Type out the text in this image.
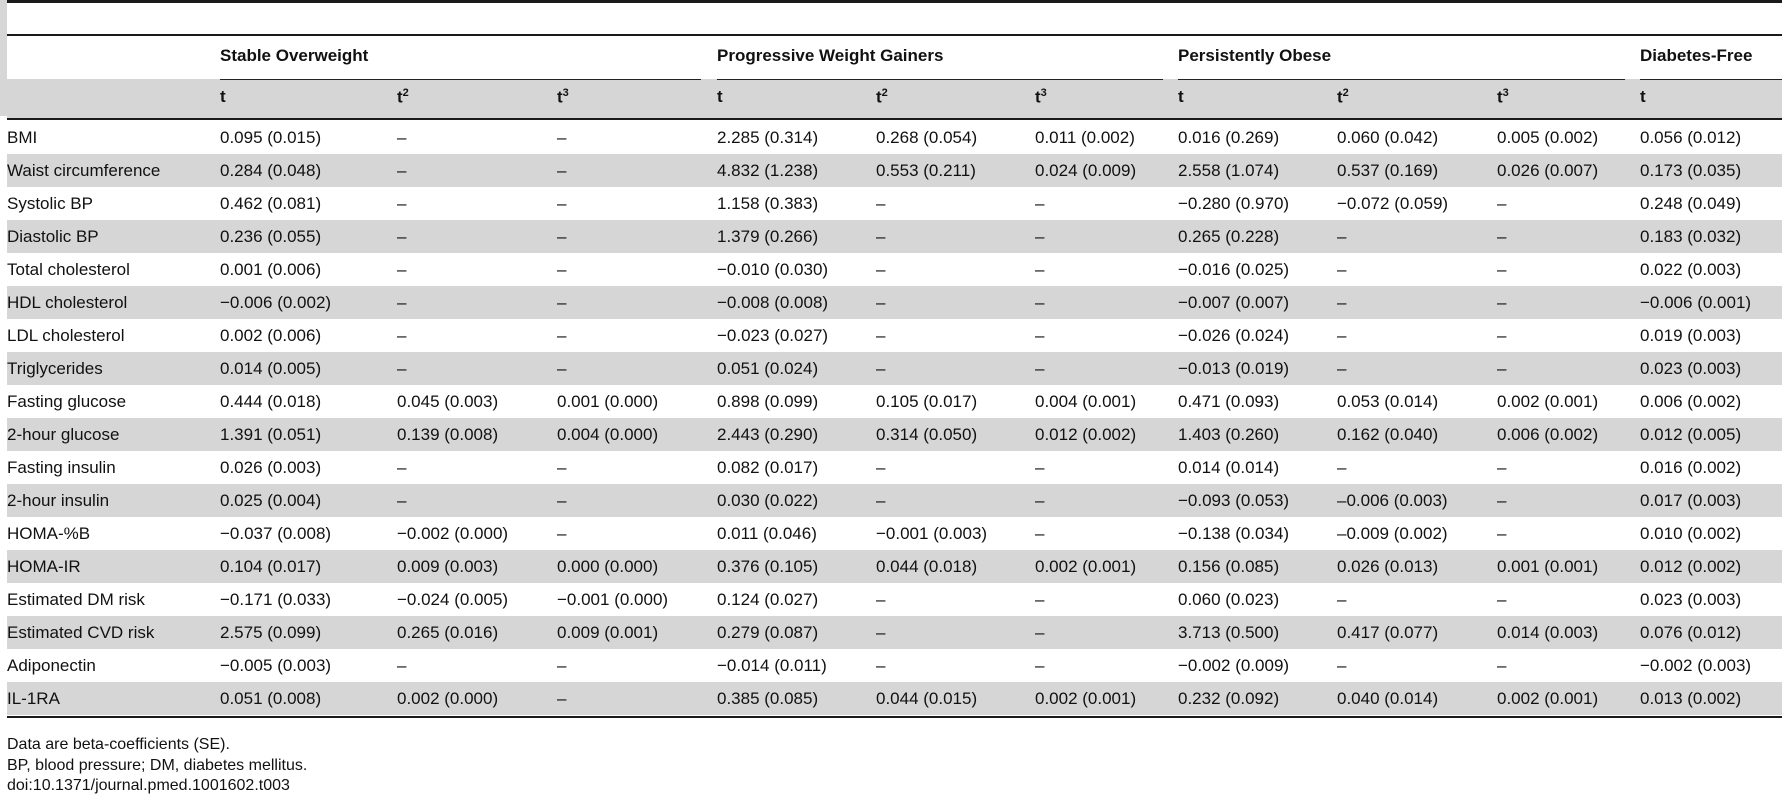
Stable Overweight	Progressive Weight Gainers	Persistently Obese	Diabetes-Free
t	$t^2$	$t^3$	t	$t^2$	$t^3$	t	$t^2$	$t^3$	t
BMI	0.095 (0.015)	–	–	2.285 (0.314)	0.268 (0.054)	0.011 (0.002)	0.016 (0.269)	0.060 (0.042)	0.005 (0.002) 0.056 (0.012)
Waist circumference	0.284 (0.048)	–	–	4.832 (1.238)	0.553 (0.211)	0.024 (0.009) 2.558 (1.074)	0.537 (0.169)	0.026 (0.007) 0.173 (0.035)
Systolic BP	0.462 (0.081)	–	–	1.158 (0.383)	–	–	−0.280 (0.970)	−0.072 (0.059)	–	0.248 (0.049)
Diastolic BP	0.236 (0.055)	–	–	1.379 (0.266)	–	–	0.265 (0.228)	–	–	0.183 (0.032)
Total cholesterol	0.001 (0.006)	–	–	−0.010 (0.030)	–	–	−0.016 (0.025)	–	–	0.022 (0.003)
HDL cholesterol	−0.006 (0.002)	–	–	−0.008 (0.008)	–	–	−0.007 (0.007)	–	–	−0.006 (0.001)
LDL cholesterol	0.002 (0.006)	–	–	−0.023 (0.027)	–	–	−0.026 (0.024)	–	–	0.019 (0.003)
Triglycerides	0.014 (0.005)	–	–	0.051 (0.024)	–	–	−0.013 (0.019)	–	–	0.023 (0.003)
Fasting glucose	0.444 (0.018)	0.045 (0.003)	0.001 (0.000)	0.898 (0.099)	0.105 (0.017)	0.004 (0.001) 0.471 (0.093)	0.053 (0.014)	0.002 (0.001) 0.006 (0.002)
2-hour glucose	1.391 (0.051)	0.139 (0.008)	0.004 (0.000)	2.443 (0.290)	0.314 (0.050)	0.012 (0.002) 1.403 (0.260)	0.162 (0.040)	0.006 (0.002) 0.012 (0.005)
Fasting insulin	0.026 (0.003)	–	–	0.082 (0.017)	–	–	0.014 (0.014)	–	–	0.016 (0.002)
2-hour insulin	0.025 (0.004)	–	–	0.030 (0.022)	–	–	−0.093 (0.053)	–0.006 (0.003)	–	0.017 (0.003)
HOMA-%B	−0.037 (0.008)	−0.002 (0.000)	–	0.011 (0.046)	−0.001 (0.003)	–	−0.138 (0.034)	–0.009 (0.002)	–	0.010 (0.002)
HOMA-IR	0.104 (0.017)	0.009 (0.003)	0.000 (0.000)	0.376 (0.105)	0.044 (0.018)	0.002 (0.001) 0.156 (0.085)	0.026 (0.013)	0.001 (0.001) 0.012 (0.002)
Estimated DM risk	−0.171 (0.033)	−0.024 (0.005)	−0.001 (0.000)	0.124 (0.027)	–	–	0.060 (0.023)	–	–	0.023 (0.003)
Estimated CVD risk	2.575 (0.099)	0.265 (0.016)	0.009 (0.001)	0.279 (0.087)	–	–	3.713 (0.500)	0.417 (0.077)	0.014 (0.003) 0.076 (0.012)
Adiponectin	−0.005 (0.003)	–	–	−0.014 (0.011)	–	–	−0.002 (0.009)	–	–	−0.002 (0.003)
IL-1RA	0.051 (0.008)	0.002 (0.000)	–	0.385 (0.085)	0.044 (0.015)	0.002 (0.001) 0.232 (0.092)	0.040 (0.014)	0.002 (0.001) 0.013 (0.002)
Data are beta-coefficients (SE).
BP, blood pressure; DM, diabetes mellitus.
doi:10.1371/journal.pmed.1001602.t003
